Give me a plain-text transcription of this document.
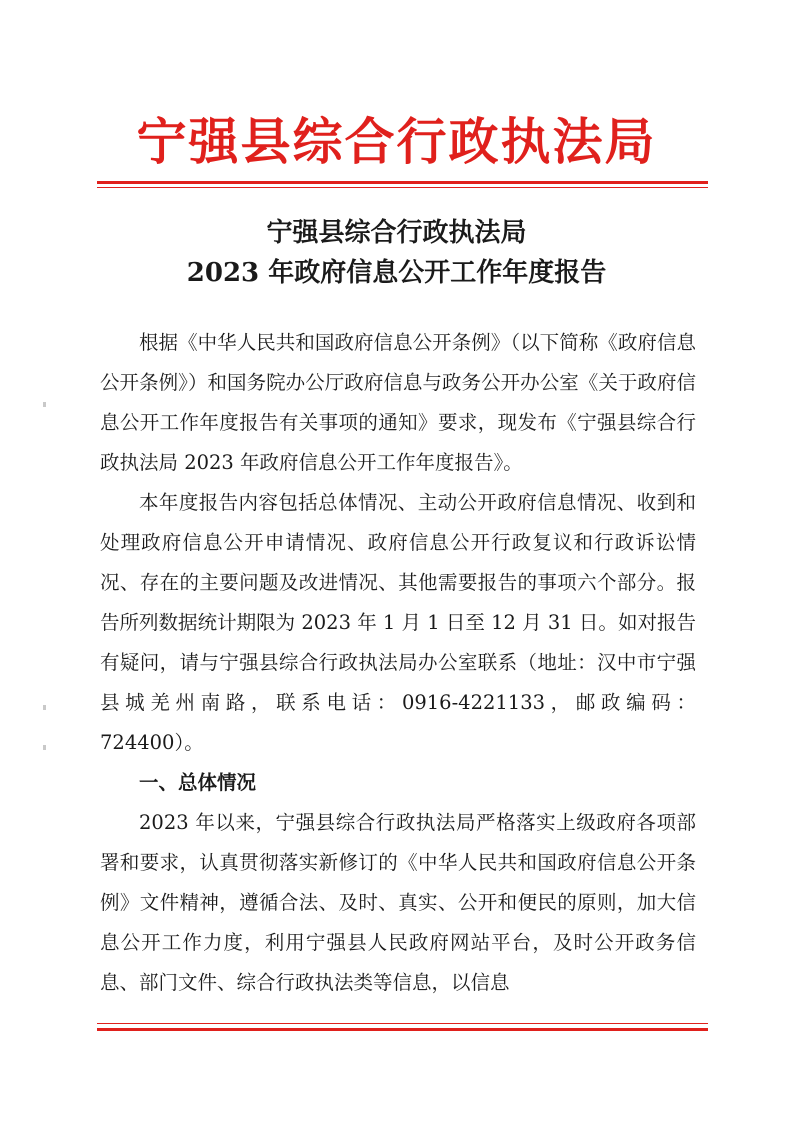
宁强县综合行政执法局
宁强县综合行政执法局
2023 年政府信息公开工作年度报告

根据《中华人民共和国政府信息公开条例》（以下简称《政府信息公开条例》）和国务院办公厅政府信息与政务公开办公室《关于政府信息公开工作年度报告有关事项的通知》要求，现发布《宁强县综合行政执法局 2023 年政府信息公开工作年度报告》。

本年度报告内容包括总体情况、主动公开政府信息情况、收到和处理政府信息公开申请情况、政府信息公开行政复议和行政诉讼情况、存在的主要问题及改进情况、其他需要报告的事项六个部分。报告所列数据统计期限为 2023 年 1 月 1 日至 12 月 31 日。如对报告有疑问，请与宁强县综合行政执法局办公室联系（地址：汉中市宁强县城羌州南路，联系电话：0916-4221133，邮政编码：724400）。

一、总体情况

2023 年以来，宁强县综合行政执法局严格落实上级政府各项部署和要求，认真贯彻落实新修订的《中华人民共和国政府信息公开条例》文件精神，遵循合法、及时、真实、公开和便民的原则，加大信息公开工作力度，利用宁强县人民政府网站平台，及时公开政务信息、部门文件、综合行政执法类等信息，以信息
